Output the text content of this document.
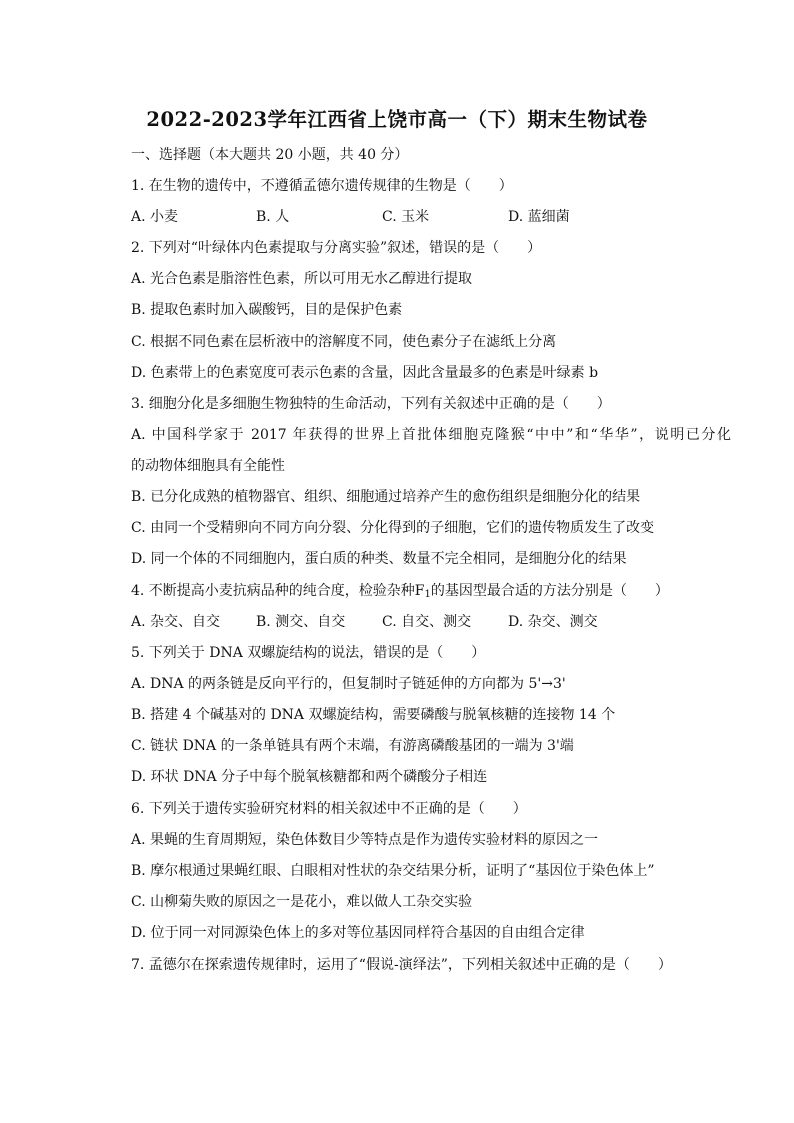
2022-2023学年江西省上饶市高一（下）期末生物试卷
一、选择题（本大题共 20 小题，共 40 分）
1. 在生物的遗传中，不遵循孟德尔遗传规律的生物是（　　）
A. 小麦	B. 人	C. 玉米	D. 蓝细菌
2. 下列对“叶绿体内色素提取与分离实验”叙述，错误的是（　　）
A. 光合色素是脂溶性色素，所以可用无水乙醇进行提取
B. 提取色素时加入碳酸钙，目的是保护色素
C. 根据不同色素在层析液中的溶解度不同，使色素分子在滤纸上分离
D. 色素带上的色素宽度可表示色素的含量，因此含量最多的色素是叶绿素 b
3. 细胞分化是多细胞生物独特的生命活动，下列有关叙述中正确的是（　　）
A. 中国科学家于 2017 年获得的世界上首批体细胞克隆猴“中中”和“华华”，说明已分化
的动物体细胞具有全能性
B. 已分化成熟的植物器官、组织、细胞通过培养产生的愈伤组织是细胞分化的结果
C. 由同一个受精卵向不同方向分裂、分化得到的子细胞，它们的遗传物质发生了改变
D. 同一个体的不同细胞内，蛋白质的种类、数量不完全相同，是细胞分化的结果
4. 不断提高小麦抗病品种的纯合度，检验杂种$F_1$的基因型最合适的方法分别是（　　）
A. 杂交、自交	B. 测交、自交	C. 自交、测交	D. 杂交、测交
5. 下列关于 DNA 双螺旋结构的说法，错误的是（　　）
A. DNA 的两条链是反向平行的，但复制时子链延伸的方向都为 5'→3'
B. 搭建 4 个碱基对的 DNA 双螺旋结构，需要磷酸与脱氧核糖的连接物 14 个
C. 链状 DNA 的一条单链具有两个末端，有游离磷酸基团的一端为 3'端
D. 环状 DNA 分子中每个脱氧核糖都和两个磷酸分子相连
6. 下列关于遗传实验研究材料的相关叙述中不正确的是（　　）
A. 果蝇的生育周期短，染色体数目少等特点是作为遗传实验材料的原因之一
B. 摩尔根通过果蝇红眼、白眼相对性状的杂交结果分析，证明了“基因位于染色体上”
C. 山柳菊失败的原因之一是花小，难以做人工杂交实验
D. 位于同一对同源染色体上的多对等位基因同样符合基因的自由组合定律
7. 孟德尔在探索遗传规律时，运用了“假说-演绎法”，下列相关叙述中正确的是（　　）
